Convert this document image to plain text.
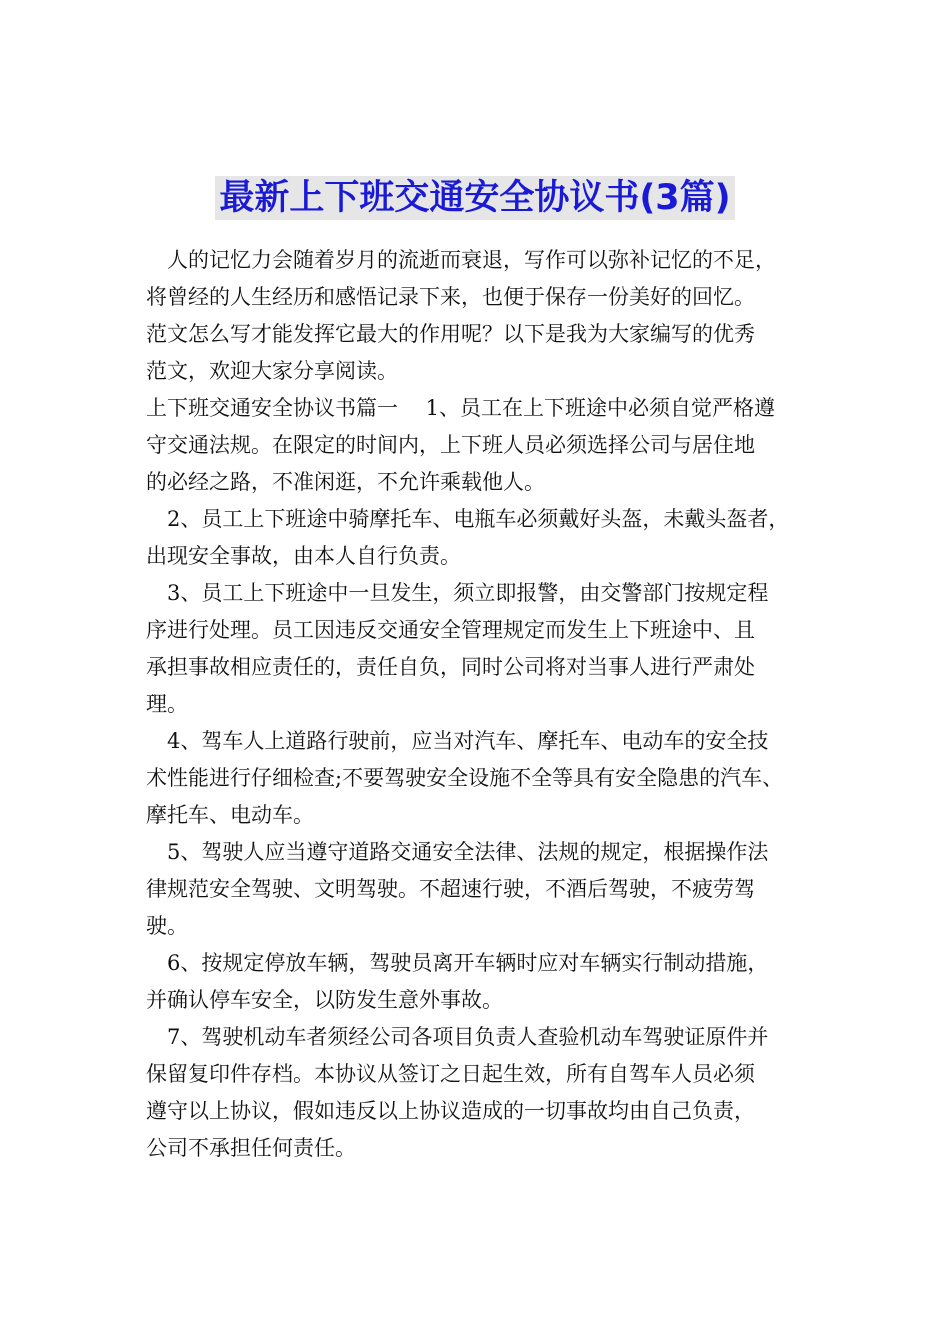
最新上下班交通安全协议书(3篇)
　人的记忆力会随着岁月的流逝而衰退，写作可以弥补记忆的不足，
将曾经的人生经历和感悟记录下来，也便于保存一份美好的回忆。
范文怎么写才能发挥它最大的作用呢？以下是我为大家编写的优秀
范文，欢迎大家分享阅读。
上下班交通安全协议书篇一　 1、员工在上下班途中必须自觉严格遵
守交通法规。在限定的时间内，上下班人员必须选择公司与居住地
的必经之路，不准闲逛，不允许乘载他人。
　2、员工上下班途中骑摩托车、电瓶车必须戴好头盔，未戴头盔者，
出现安全事故，由本人自行负责。
　3、员工上下班途中一旦发生，须立即报警，由交警部门按规定程
序进行处理。员工因违反交通安全管理规定而发生上下班途中、且
承担事故相应责任的，责任自负，同时公司将对当事人进行严肃处
理。
　4、驾车人上道路行驶前，应当对汽车、摩托车、电动车的安全技
术性能进行仔细检查;不要驾驶安全设施不全等具有安全隐患的汽车、
摩托车、电动车。
　5、驾驶人应当遵守道路交通安全法律、法规的规定，根据操作法
律规范安全驾驶、文明驾驶。不超速行驶，不酒后驾驶，不疲劳驾
驶。
　6、按规定停放车辆，驾驶员离开车辆时应对车辆实行制动措施，
并确认停车安全，以防发生意外事故。
　7、驾驶机动车者须经公司各项目负责人查验机动车驾驶证原件并
保留复印件存档。本协议从签订之日起生效，所有自驾车人员必须
遵守以上协议，假如违反以上协议造成的一切事故均由自己负责，
公司不承担任何责任。
